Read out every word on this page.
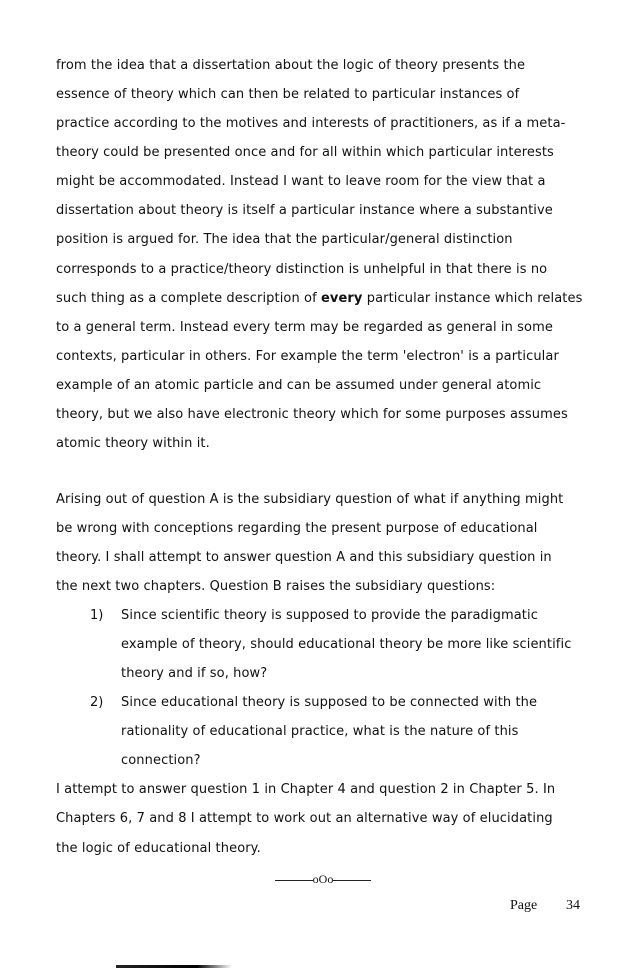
from the idea that a dissertation about the logic of theory presents the
essence of theory which can then be related to particular instances of
practice according to the motives and interests of practitioners, as if a meta-
theory could be presented once and for all within which particular interests
might be accommodated. Instead I want to leave room for the view that a
dissertation about theory is itself a particular instance where a substantive
position is argued for. The idea that the particular/general distinction
corresponds to a practice/theory distinction is unhelpful in that there is no
such thing as a complete description of every particular instance which relates
to a general term. Instead every term may be regarded as general in some
contexts, particular in others. For example the term 'electron' is a particular
example of an atomic particle and can be assumed under general atomic
theory, but we also have electronic theory which for some purposes assumes
atomic theory within it.
Arising out of question A is the subsidiary question of what if anything might
be wrong with conceptions regarding the present purpose of educational
theory. I shall attempt to answer question A and this subsidiary question in
the next two chapters. Question B raises the subsidiary questions:
1) Since scientific theory is supposed to provide the paradigmatic
example of theory, should educational theory be more like scientific
theory and if so, how?
2) Since educational theory is supposed to be connected with the
rationality of educational practice, what is the nature of this
connection?
I attempt to answer question 1 in Chapter 4 and question 2 in Chapter 5. In
Chapters 6, 7 and 8 I attempt to work out an alternative way of elucidating
the logic of educational theory.
oOo
Page 34
